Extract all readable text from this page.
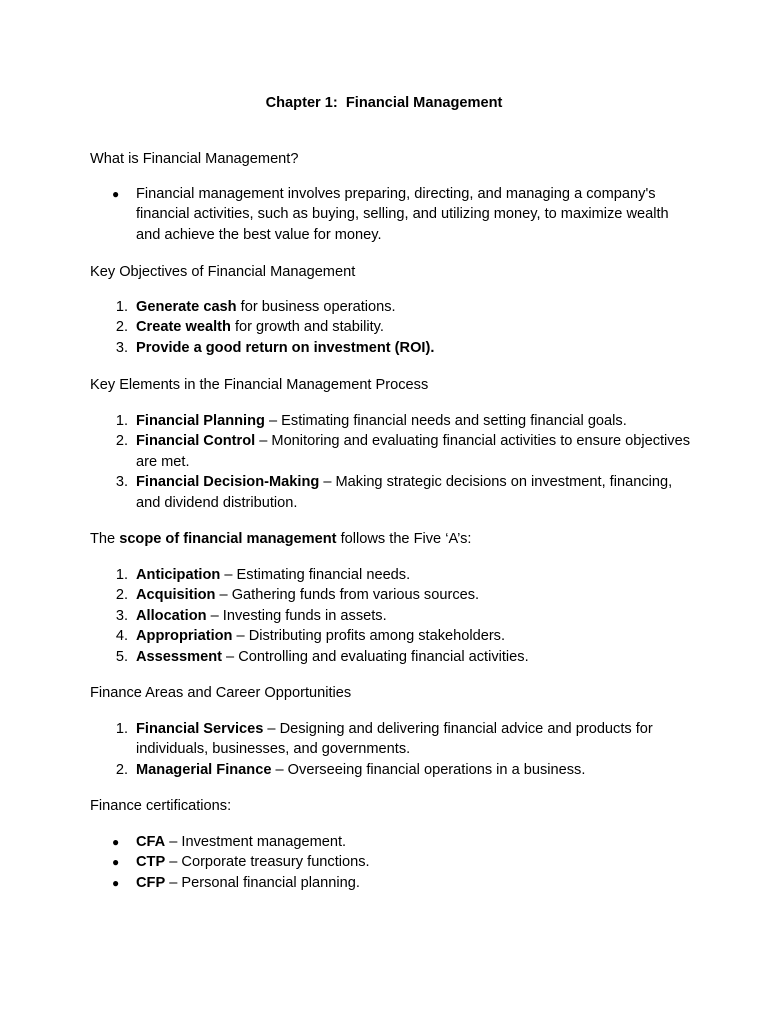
Chapter 1:  Financial Management
What is Financial Management?
● Financial management involves preparing, directing, and managing a company's financial activities, such as buying, selling, and utilizing money, to maximize wealth and achieve the best value for money.
Key Objectives of Financial Management
1. Generate cash for business operations.
2. Create wealth for growth and stability.
3. Provide a good return on investment (ROI).
Key Elements in the Financial Management Process
1. Financial Planning – Estimating financial needs and setting financial goals.
2. Financial Control – Monitoring and evaluating financial activities to ensure objectives are met.
3. Financial Decision-Making – Making strategic decisions on investment, financing, and dividend distribution.
The scope of financial management follows the Five ‘A’s:
1. Anticipation – Estimating financial needs.
2. Acquisition – Gathering funds from various sources.
3. Allocation – Investing funds in assets.
4. Appropriation – Distributing profits among stakeholders.
5. Assessment – Controlling and evaluating financial activities.
Finance Areas and Career Opportunities
1. Financial Services – Designing and delivering financial advice and products for individuals, businesses, and governments.
2. Managerial Finance – Overseeing financial operations in a business.
Finance certifications:
● CFA – Investment management.
● CTP – Corporate treasury functions.
● CFP – Personal financial planning.
